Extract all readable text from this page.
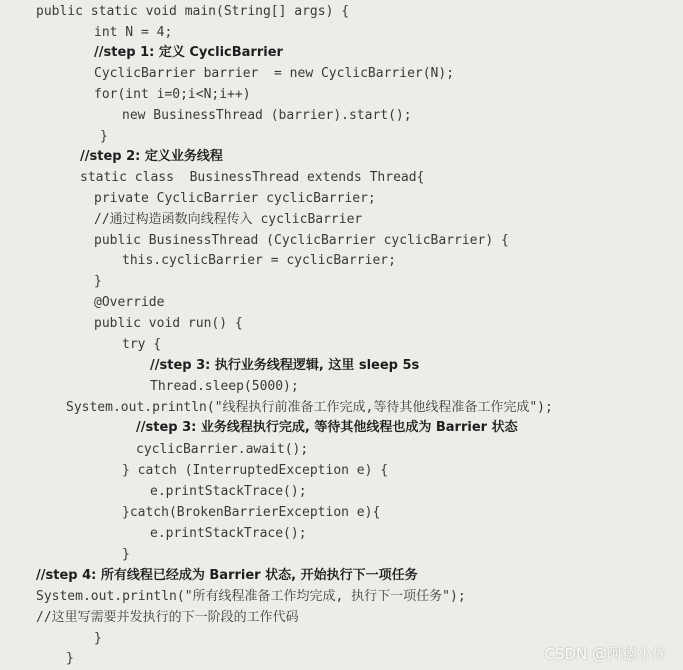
public static void main(String[] args) {
int N = 4;
//step 1: 定义 CyclicBarrier
CyclicBarrier barrier  = new CyclicBarrier(N);
for(int i=0;i<N;i++)
new BusinessThread (barrier).start();
}
//step 2: 定义业务线程
static class  BusinessThread extends Thread{
private CyclicBarrier cyclicBarrier;
//通过构造函数向线程传入 cyclicBarrier
public BusinessThread (CyclicBarrier cyclicBarrier) {
this.cyclicBarrier = cyclicBarrier;
}
@Override
public void run() {
try {
//step 3: 执行业务线程逻辑, 这里 sleep 5s
Thread.sleep(5000);
System.out.println("线程执行前准备工作完成,等待其他线程准备工作完成");
//step 3: 业务线程执行完成, 等待其他线程也成为 Barrier 状态
cyclicBarrier.await();
} catch (InterruptedException e) {
e.printStackTrace();
}catch(BrokenBarrierException e){
e.printStackTrace();
}
//step 4: 所有线程已经成为 Barrier 状态, 开始执行下一项任务
System.out.println("所有线程准备工作均完成, 执行下一项任务");
//这里写需要并发执行的下一阶段的工作代码
}
}	CSDN @阿德小仔
